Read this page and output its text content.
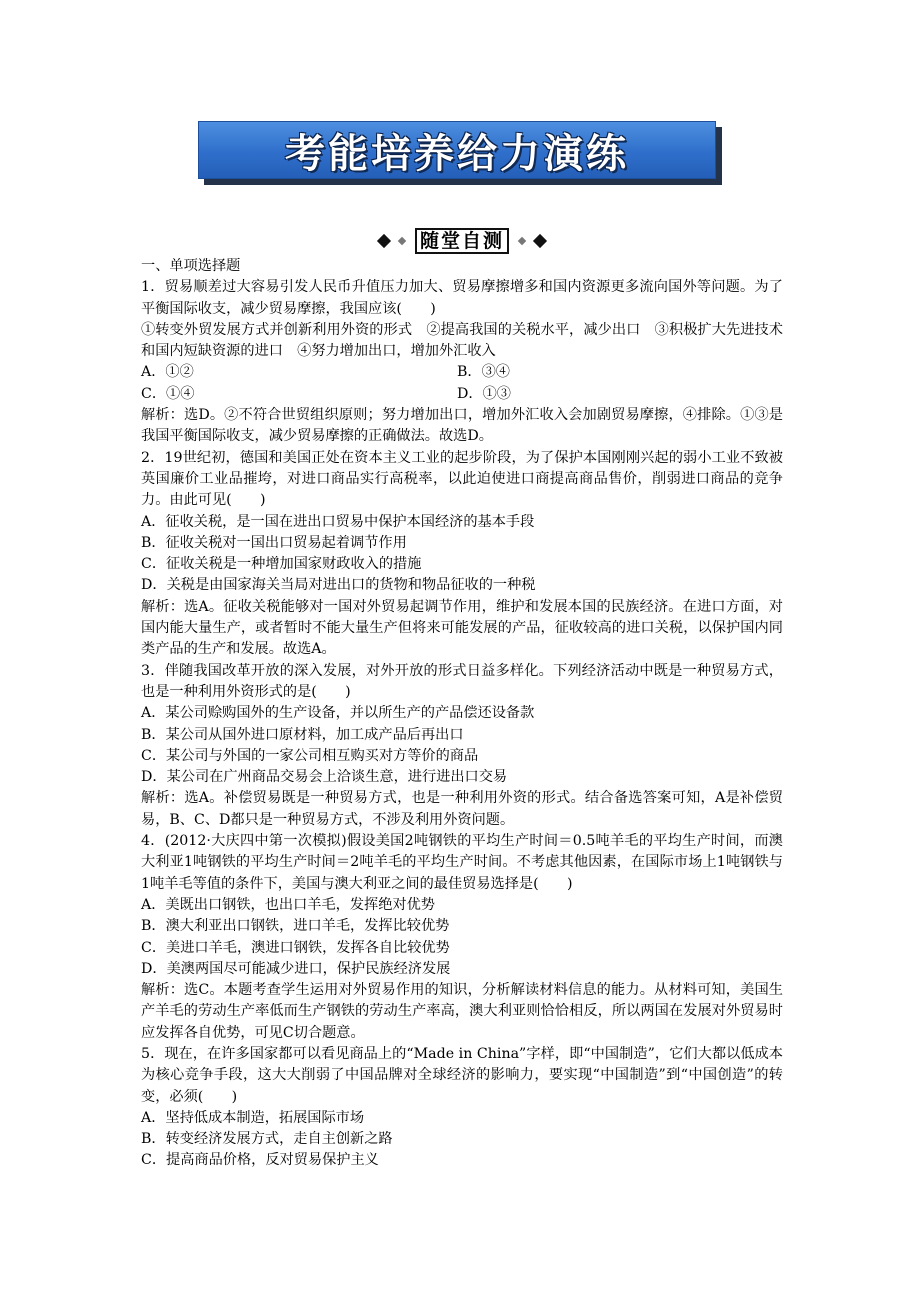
考能培养给力演练
随堂自测

一、单项选择题

1．贸易顺差过大容易引发人民币升值压力加大、贸易摩擦增多和国内资源更多流向国外等问题。为了平衡国际收支，减少贸易摩擦，我国应该(　　)

①转变外贸发展方式并创新利用外资的形式　②提高我国的关税水平，减少出口　③积极扩大先进技术和国内短缺资源的进口　④努力增加出口，增加外汇收入

A．①②	B．③④
C．①④	D．①③

解析：选D。②不符合世贸组织原则；努力增加出口，增加外汇收入会加剧贸易摩擦，④排除。①③是我国平衡国际收支，减少贸易摩擦的正确做法。故选D。

2．19世纪初，德国和美国正处在资本主义工业的起步阶段，为了保护本国刚刚兴起的弱小工业不致被英国廉价工业品摧垮，对进口商品实行高税率，以此迫使进口商提高商品售价，削弱进口商品的竞争力。由此可见(　　)

A．征收关税，是一国在进出口贸易中保护本国经济的基本手段

B．征收关税对一国出口贸易起着调节作用

C．征收关税是一种增加国家财政收入的措施

D．关税是由国家海关当局对进出口的货物和物品征收的一种税

解析：选A。征收关税能够对一国对外贸易起调节作用，维护和发展本国的民族经济。在进口方面，对国内能大量生产，或者暂时不能大量生产但将来可能发展的产品，征收较高的进口关税，以保护国内同类产品的生产和发展。故选A。

3．伴随我国改革开放的深入发展，对外开放的形式日益多样化。下列经济活动中既是一种贸易方式，也是一种利用外资形式的是(　　)

A．某公司赊购国外的生产设备，并以所生产的产品偿还设备款

B．某公司从国外进口原材料，加工成产品后再出口

C．某公司与外国的一家公司相互购买对方等价的商品

D．某公司在广州商品交易会上洽谈生意，进行进出口交易

解析：选A。补偿贸易既是一种贸易方式，也是一种利用外资的形式。结合备选答案可知，A是补偿贸易，B、C、D都只是一种贸易方式，不涉及利用外资问题。

4．(2012·大庆四中第一次模拟)假设美国2吨钢铁的平均生产时间＝0.5吨羊毛的平均生产时间，而澳大利亚1吨钢铁的平均生产时间＝2吨羊毛的平均生产时间。不考虑其他因素，在国际市场上1吨钢铁与1吨羊毛等值的条件下，美国与澳大利亚之间的最佳贸易选择是(　　)

A．美既出口钢铁，也出口羊毛，发挥绝对优势

B．澳大利亚出口钢铁，进口羊毛，发挥比较优势

C．美进口羊毛，澳进口钢铁，发挥各自比较优势

D．美澳两国尽可能减少进口，保护民族经济发展

解析：选C。本题考查学生运用对外贸易作用的知识，分析解读材料信息的能力。从材料可知，美国生产羊毛的劳动生产率低而生产钢铁的劳动生产率高，澳大利亚则恰恰相反，所以两国在发展对外贸易时应发挥各自优势，可见C切合题意。

5．现在，在许多国家都可以看见商品上的“Made in China”字样，即“中国制造”，它们大都以低成本为核心竞争手段，这大大削弱了中国品牌对全球经济的影响力，要实现“中国制造”到“中国创造”的转变，必须(　　)

A．坚持低成本制造，拓展国际市场

B．转变经济发展方式，走自主创新之路

C．提高商品价格，反对贸易保护主义
